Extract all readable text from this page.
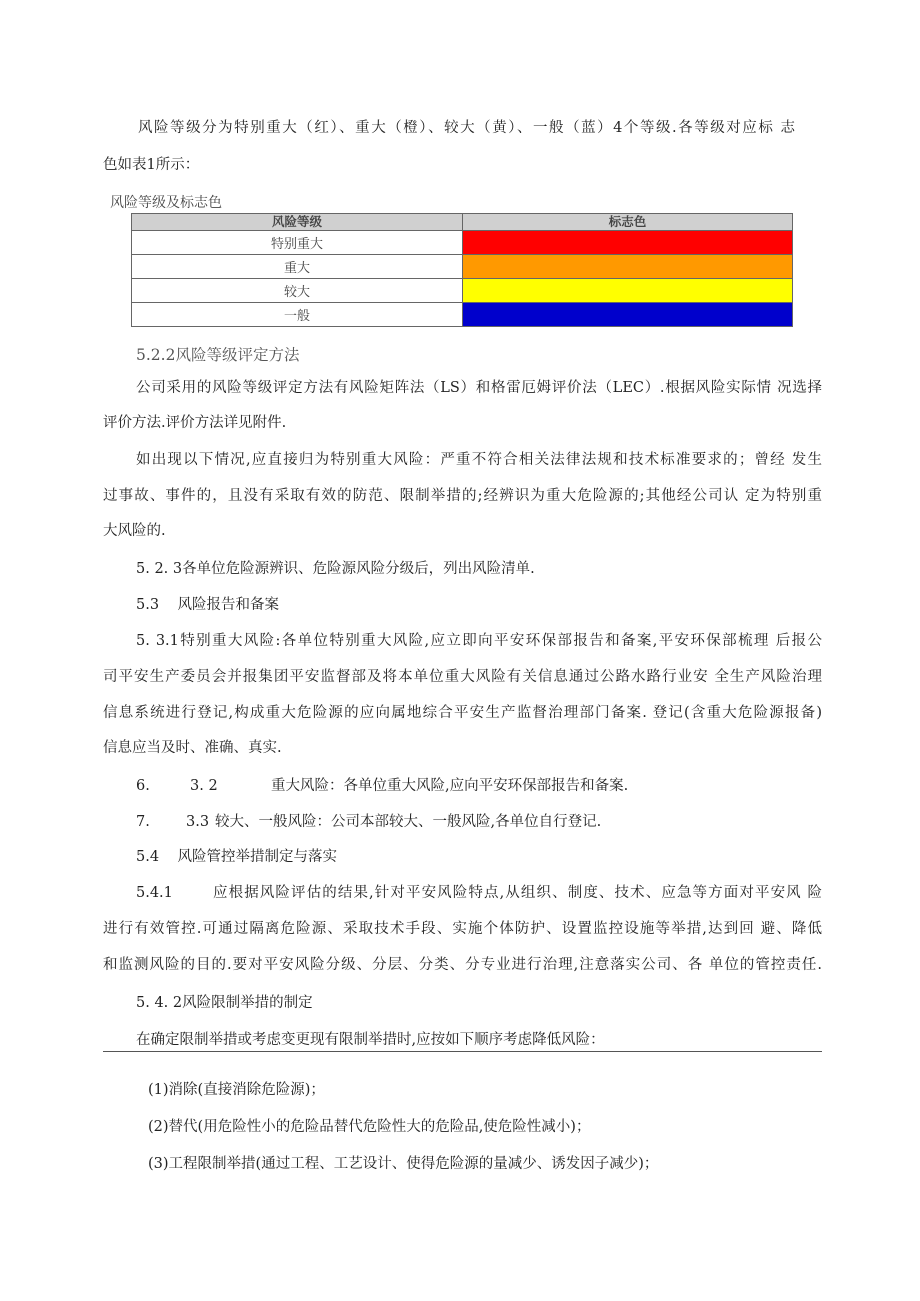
风险等级分为特别重大（红）、重大（橙）、较大（黄）、一般（蓝）4个等级.各等级对应标 志
色如表1所示：
风险等级及标志色
风险等级	标志色
特别重大	
重大	
较大	
一般	
5.2.2风险等级评定方法
公司采用的风险等级评定方法有风险矩阵法（LS）和格雷厄姆评价法（LEC）.根据风险实际情 况选择
评价方法.评价方法详见附件.
如出现以下情况,应直接归为特别重大风险：严重不符合相关法律法规和技术标准要求的；曾经 发生
过事故、事件的，且没有采取有效的防范、限制举措的;经辨识为重大危险源的;其他经公司认 定为特别重
大风险的.
5. 2. 3各单位危险源辨识、危险源风险分级后，列出风险清单.
5.3    风险报告和备案
5. 3.1特别重大风险:各单位特别重大风险,应立即向平安环保部报告和备案,平安环保部梳理 后报公
司平安生产委员会并报集团平安监督部及将本单位重大风险有关信息通过公路水路行业安 全生产风险治理
信息系统进行登记,构成重大危险源的应向属地综合平安生产监督治理部门备案. 登记(含重大危险源报备)
信息应当及时、准确、真实.
6.	3. 2	重大风险：各单位重大风险,应向平安环保部报告和备案.
7. 3.3 较大、一般风险：公司本部较大、一般风险,各单位自行登记.
5.4    风险管控举措制定与落实
5.4.1	应根据风险评估的结果,针对平安风险特点,从组织、制度、技术、应急等方面对平安风 险
进行有效管控.可通过隔离危险源、采取技术手段、实施个体防护、设置监控设施等举措,达到回 避、降低
和监测风险的目的.要对平安风险分级、分层、分类、分专业进行治理,注意落实公司、各 单位的管控责任.
5. 4. 2风险限制举措的制定
在确定限制举措或考虑变更现有限制举措时,应按如下顺序考虑降低风险：
(1)消除(直接消除危险源)；
(2)替代(用危险性小的危险品替代危险性大的危险品,使危险性减小)；
(3)工程限制举措(通过工程、工艺设计、使得危险源的量减少、诱发因子减少)；
